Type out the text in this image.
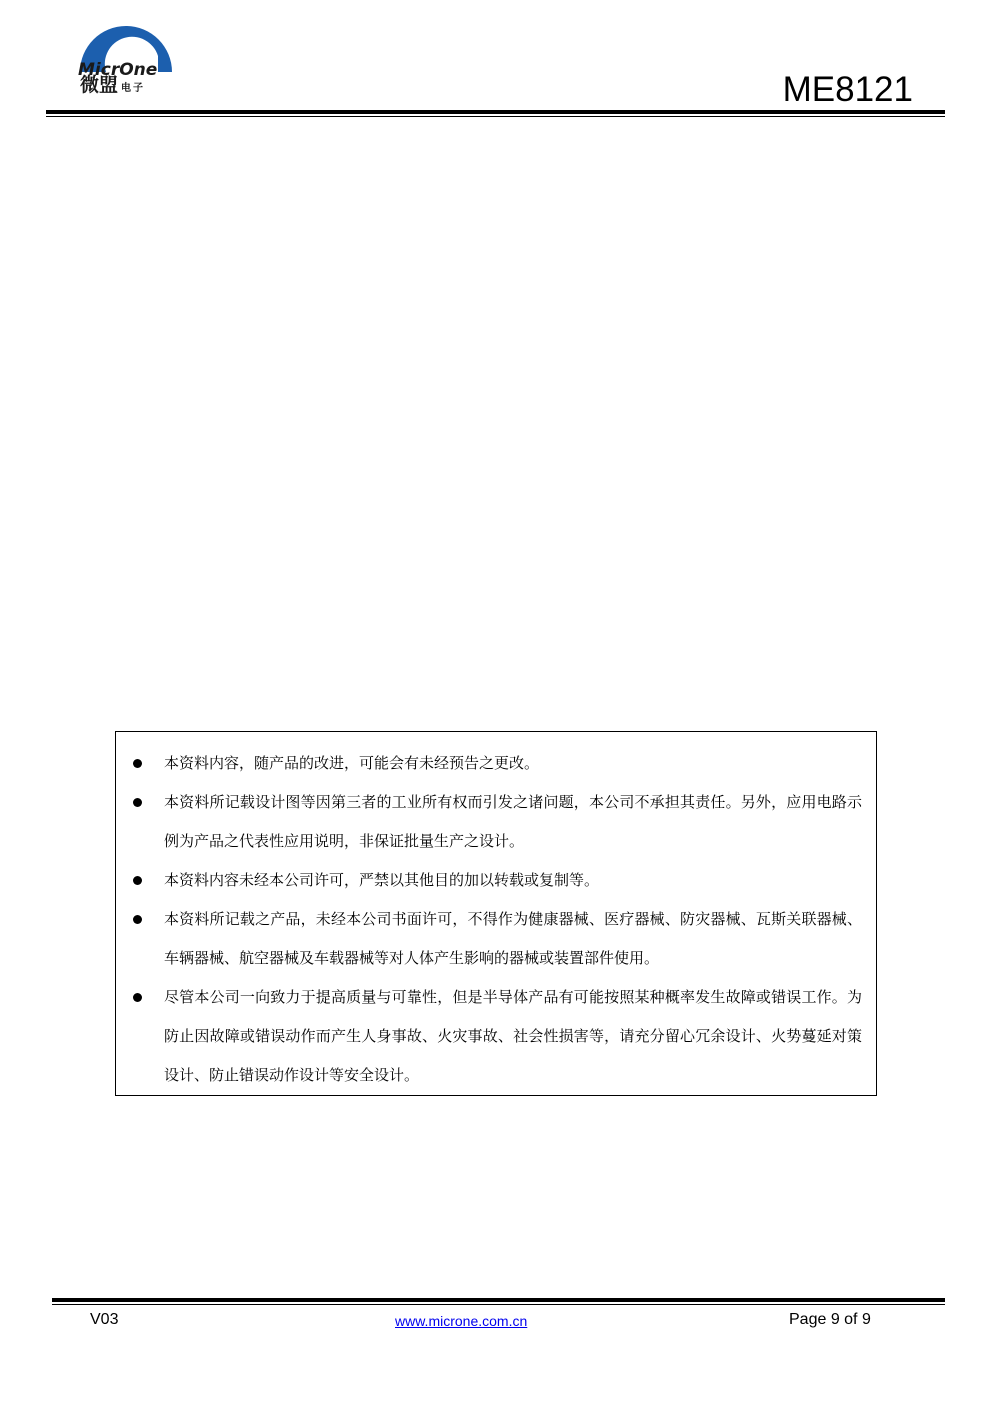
MicrOne
微盟 电子	ME8121
本资料内容，随产品的改进，可能会有未经预告之更改。
本资料所记载设计图等因第三者的工业所有权而引发之诸问题，本公司不承担其责任。另外，应用电路示例为产品之代表性应用说明，非保证批量生产之设计。
本资料内容未经本公司许可，严禁以其他目的加以转载或复制等。
本资料所记载之产品，未经本公司书面许可，不得作为健康器械、医疗器械、防灾器械、瓦斯关联器械、车辆器械、航空器械及车载器械等对人体产生影响的器械或装置部件使用。
尽管本公司一向致力于提高质量与可靠性，但是半导体产品有可能按照某种概率发生故障或错误工作。为防止因故障或错误动作而产生人身事故、火灾事故、社会性损害等，请充分留心冗余设计、火势蔓延对策设计、防止错误动作设计等安全设计。
V03	www.microne.com.cn	Page 9 of 9
